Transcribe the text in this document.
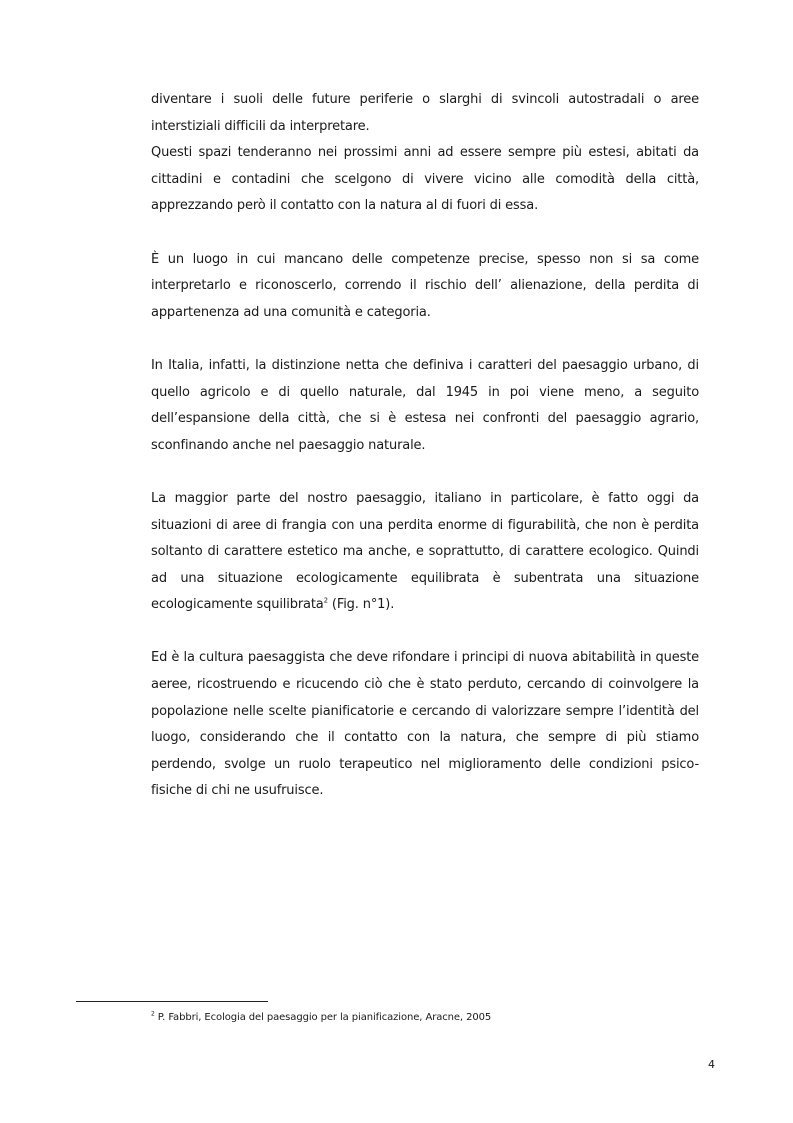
diventare i suoli delle future periferie o slarghi di svincoli autostradali o aree interstiziali difficili da interpretare.

Questi spazi tenderanno nei prossimi anni ad essere sempre più estesi, abitati da cittadini e contadini che scelgono di vivere vicino alle comodità della città, apprezzando però il contatto con la natura al di fuori di essa.

È un luogo in cui mancano delle competenze precise, spesso non si sa come interpretarlo e riconoscerlo, correndo il rischio dell’ alienazione, della perdita di appartenenza ad una comunità e categoria.

In Italia, infatti, la distinzione netta che definiva i caratteri del paesaggio urbano, di quello agricolo e di quello naturale, dal 1945 in poi viene meno, a seguito dell’espansione della città, che si è estesa nei confronti del paesaggio agrario, sconfinando anche nel paesaggio naturale.

La maggior parte del nostro paesaggio, italiano in particolare, è fatto oggi da situazioni di aree di frangia con una perdita enorme di figurabilità, che non è perdita soltanto di carattere estetico ma anche, e soprattutto, di carattere ecologico. Quindi ad una situazione ecologicamente equilibrata è subentrata una situazione ecologicamente squilibrata$^2$ (Fig. n°1).

Ed è la cultura paesaggista che deve rifondare i principi di nuova abitabilità in queste aeree, ricostruendo e ricucendo ciò che è stato perduto, cercando di coinvolgere la popolazione nelle scelte pianificatorie e cercando di valorizzare sempre l’identità del luogo, considerando che il contatto con la natura, che sempre di più stiamo perdendo, svolge un ruolo terapeutico nel miglioramento delle condizioni psico-fisiche di chi ne usufruisce.

$^2$ P. Fabbri, Ecologia del paesaggio per la pianificazione, Aracne, 2005
4
